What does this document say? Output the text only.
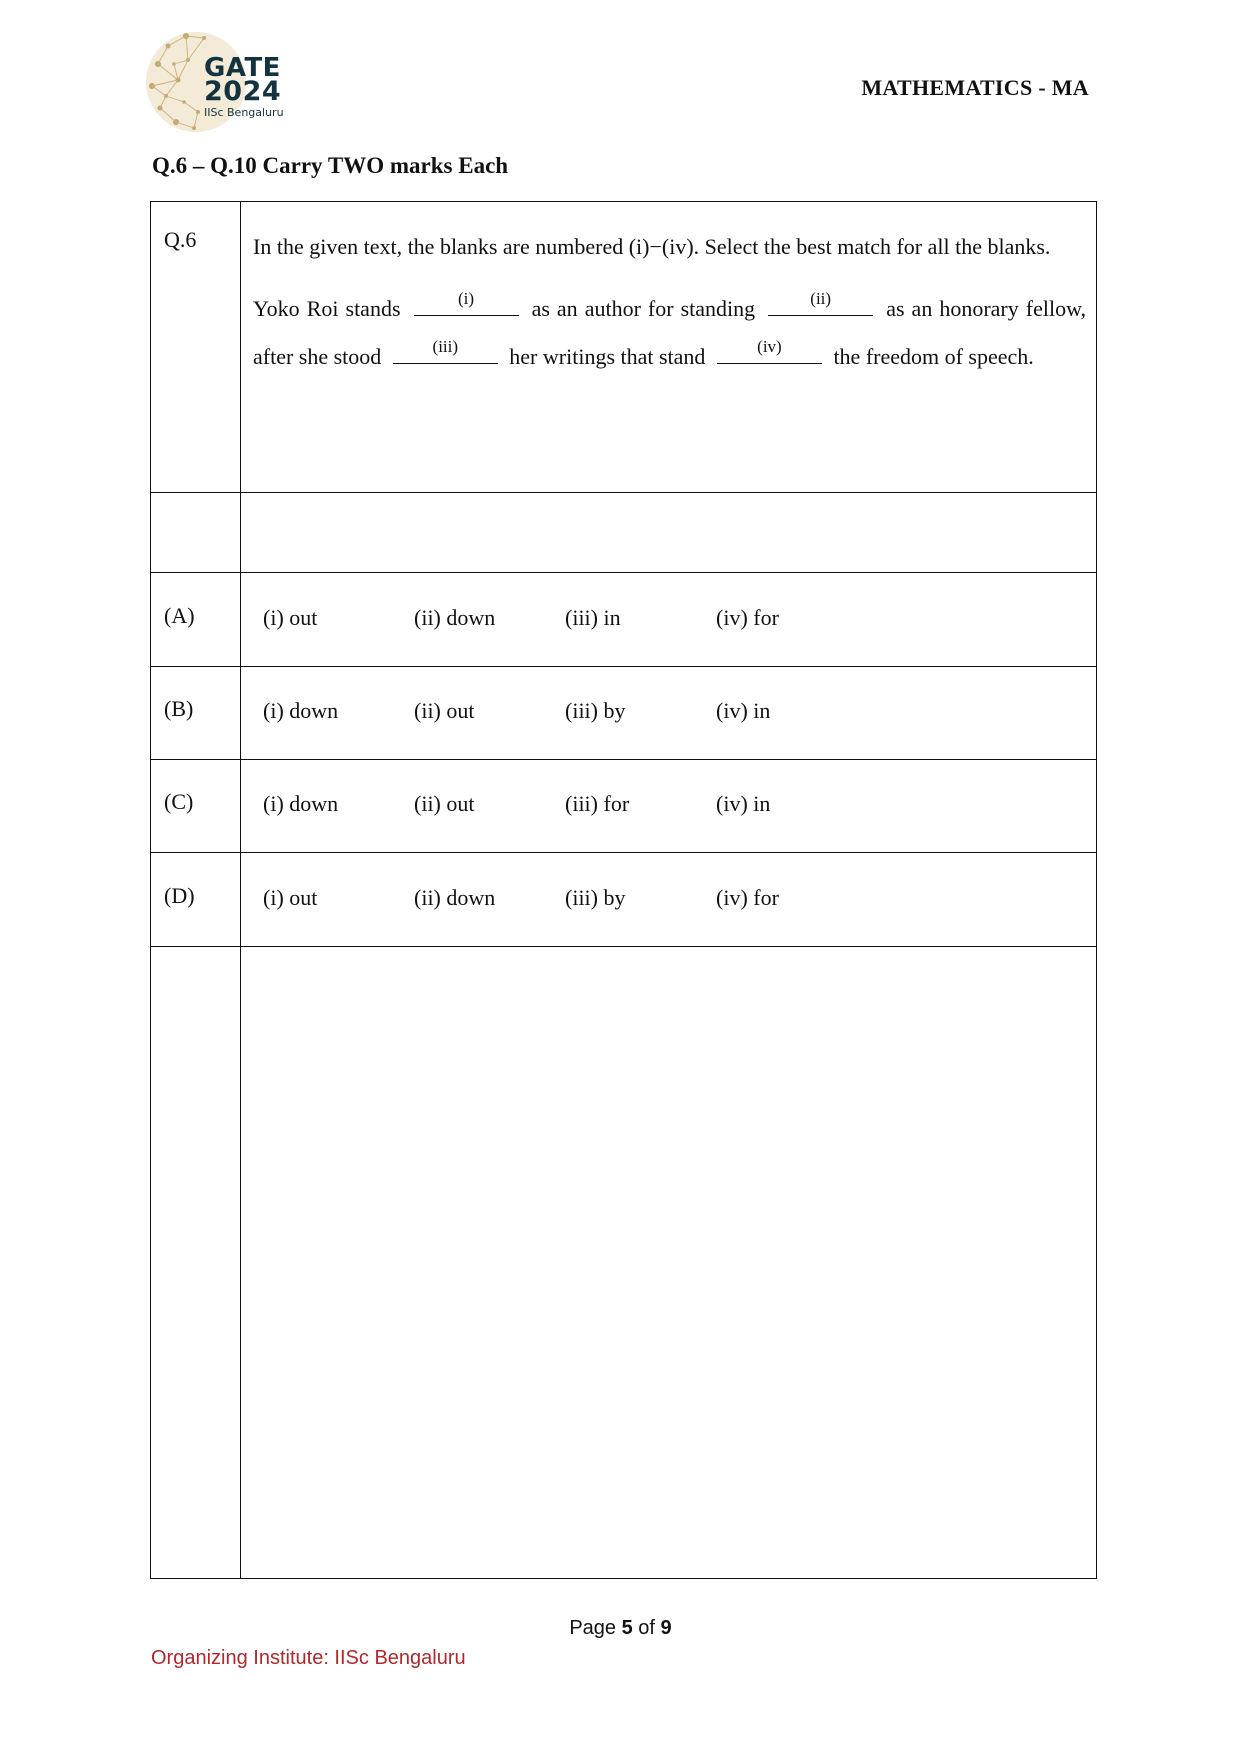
GATE
2024
IISc Bengaluru
MATHEMATICS - MA
Q.6 – Q.10 Carry TWO marks Each
Q.6	In the given text, the blanks are numbered (i)−(iv). Select the best match for all the blanks.

Yoko Roi stands	(i)	as an author for standing	(ii)	as an honorary fellow, after she stood	(iii)	her writings that stand	(iv)	the freedom of speech.

(A)	(i) out	(ii) down	(iii) in	(iv) for
(B)	(i) down	(ii) out	(iii) by	(iv) in
(C)	(i) down	(ii) out	(iii) for	(iv) in
(D)	(i) out	(ii) down	(iii) by	(iv) for
Page 5 of 9
Organizing Institute: IISc Bengaluru
